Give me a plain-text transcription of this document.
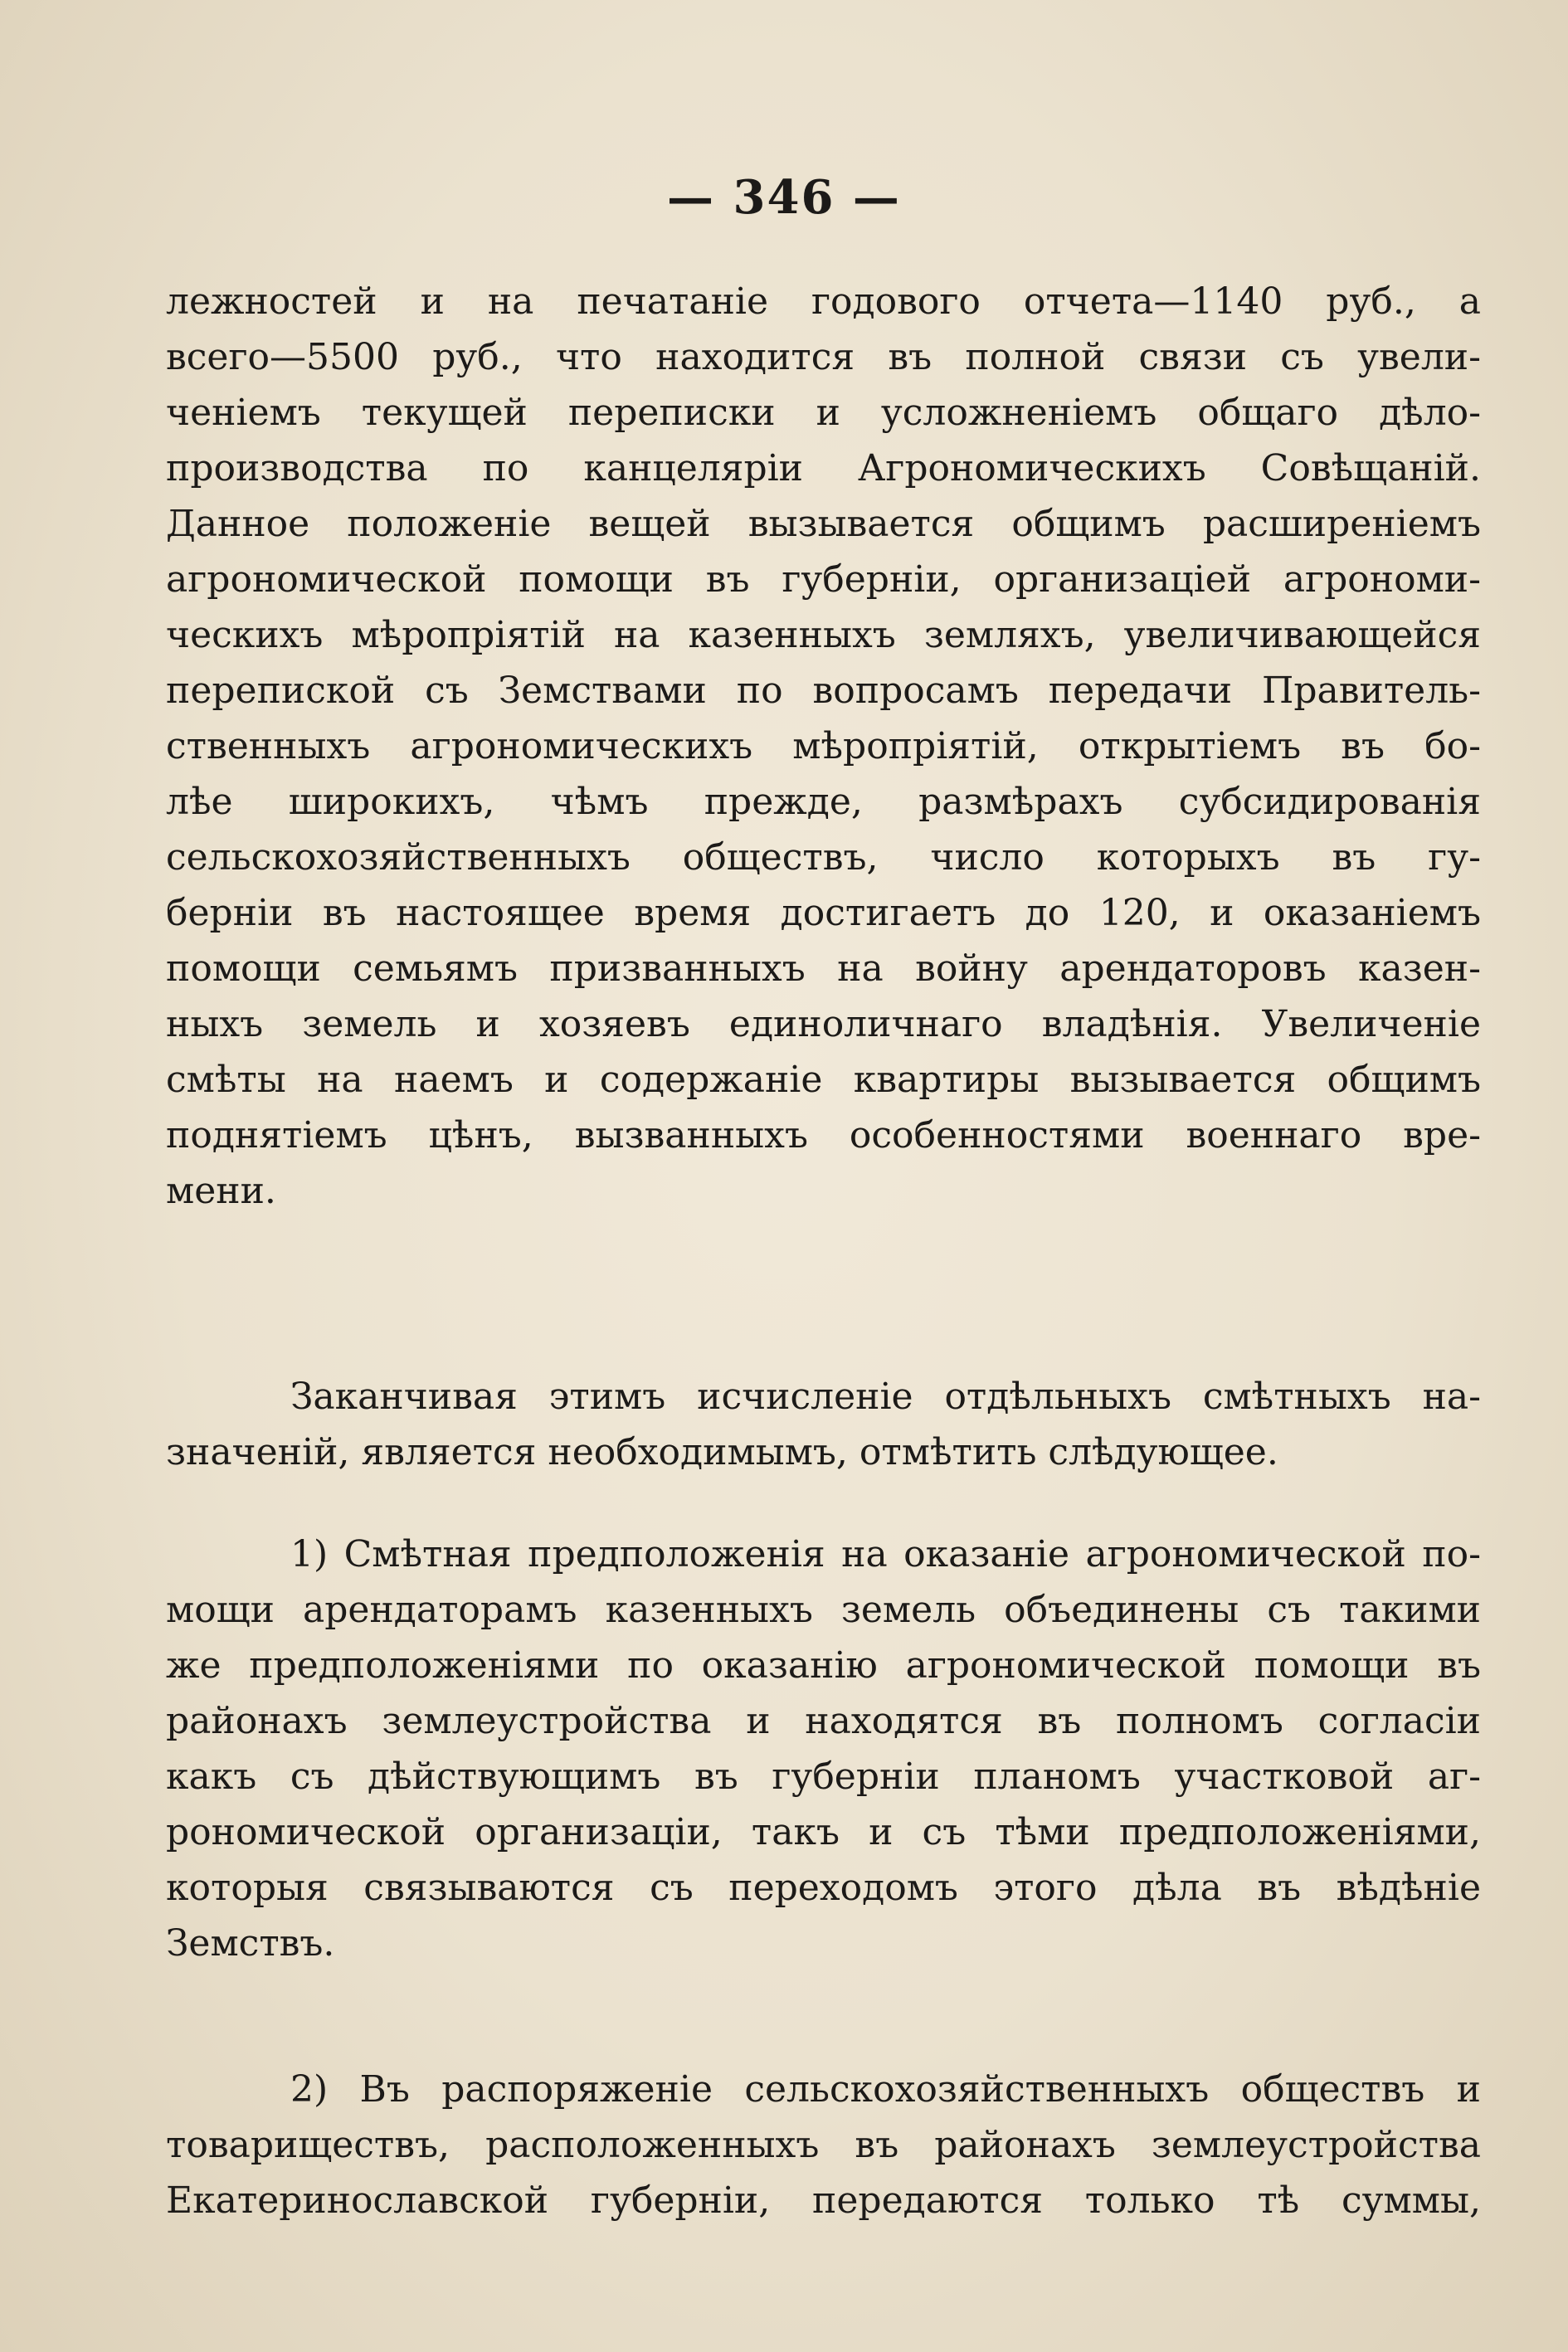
— 346 —
лежностей и на печатаніе годового отчета—1140 руб., а
всего—5500 руб., что находится въ полной связи съ увели-
ченіемъ текущей переписки и усложненіемъ общаго дѣло-
производства по канцеляріи Агрономическихъ Совѣщаній.
Данное положеніе вещей вызывается общимъ расширеніемъ
агрономической помощи въ губерніи, организаціей агрономи-
ческихъ мѣропріятій на казенныхъ земляхъ, увеличивающейся
перепиской съ Земствами по вопросамъ передачи Правитель-
ственныхъ агрономическихъ мѣропріятій, открытіемъ въ бо-
лѣе широкихъ, чѣмъ прежде, размѣрахъ субсидированія
сельскохозяйственныхъ обществъ, число которыхъ въ гу-
берніи въ настоящее время достигаетъ до 120, и оказаніемъ
помощи семьямъ призванныхъ на войну арендаторовъ казен-
ныхъ земель и хозяевъ единоличнаго владѣнія. Увеличеніе
смѣты на наемъ и содержаніе квартиры вызывается общимъ
поднятіемъ цѣнъ, вызванныхъ особенностями военнаго вре-
мени.
Заканчивая этимъ исчисленіе отдѣльныхъ смѣтныхъ на-
значеній, является необходимымъ, отмѣтить слѣдующее.
1) Смѣтная предположенія на оказаніе агрономической по-
мощи арендаторамъ казенныхъ земель объединены съ такими
же предположеніями по оказанію агрономической помощи въ
районахъ землеустройства и находятся въ полномъ согласіи
какъ съ дѣйствующимъ въ губерніи планомъ участковой аг-
рономической организаціи, такъ и съ тѣми предположеніями,
которыя связываются съ переходомъ этого дѣла въ вѣдѣніе
Земствъ.
2) Въ распоряженіе сельскохозяйственныхъ обществъ и
товариществъ, расположенныхъ въ районахъ землеустройства
Екатеринославской губерніи, передаются только тѣ суммы,
